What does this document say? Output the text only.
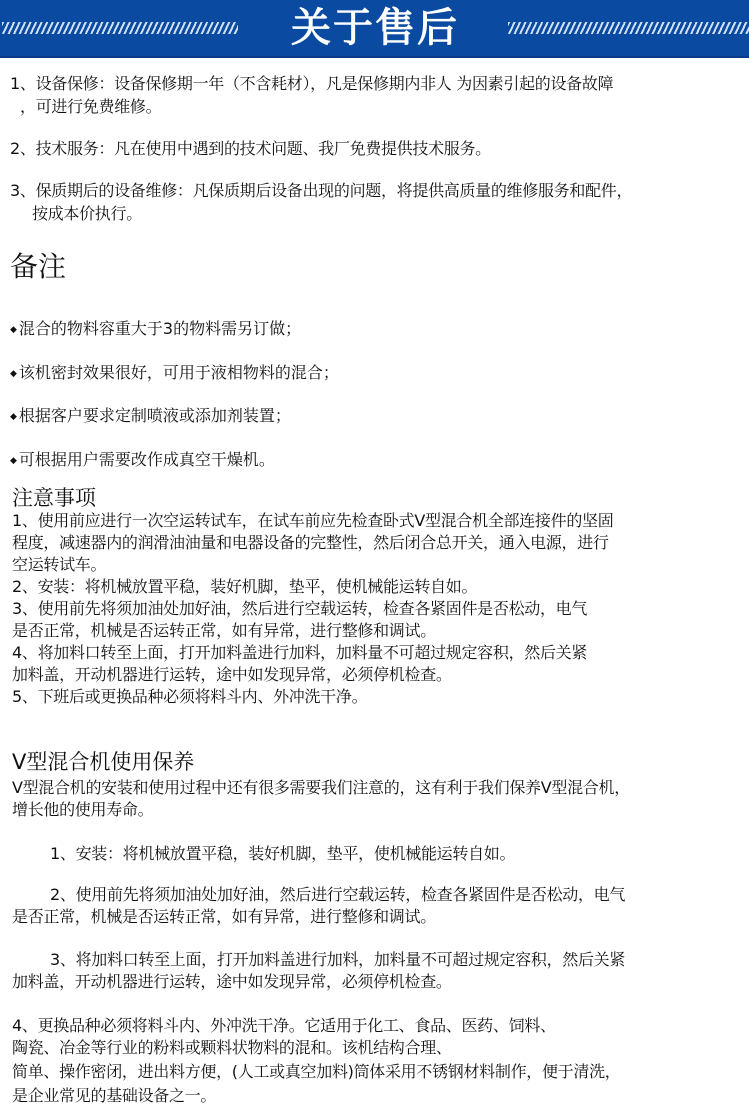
关于售后
1、设备保修：设备保修期一年（不含耗材），凡是保修期内非人 为因素引起的设备故障
，可进行免费维修。
2、技术服务：凡在使用中遇到的技术问题、我厂免费提供技术服务。
3、保质期后的设备维修：凡保质期后设备出现的问题，将提供高质量的维修服务和配件，
按成本价执行。
备注
◆ 混合的物料容重大于3的物料需另订做；
◆ 该机密封效果很好，可用于液相物料的混合；
◆ 根据客户要求定制喷液或添加剂装置；
◆ 可根据用户需要改作成真空干燥机。
注意事项
1、使用前应进行一次空运转试车，在试车前应先检查卧式V型混合机全部连接件的坚固
程度，减速器内的润滑油油量和电器设备的完整性，然后闭合总开关，通入电源，进行
空运转试车。
2、安装：将机械放置平稳，装好机脚，垫平，使机械能运转自如。
3、使用前先将须加油处加好油，然后进行空载运转，检查各紧固件是否松动，电气
是否正常，机械是否运转正常，如有异常，进行整修和调试。
4、将加料口转至上面，打开加料盖进行加料，加料量不可超过规定容积，然后关紧
加料盖，开动机器进行运转，途中如发现异常，必须停机检查。
5、下班后或更换品种必须将料斗内、外冲洗干净。
V型混合机使用保养
V型混合机的安装和使用过程中还有很多需要我们注意的，这有利于我们保养V型混合机，
增长他的使用寿命。
1、安装：将机械放置平稳，装好机脚，垫平，使机械能运转自如。
2、使用前先将须加油处加好油，然后进行空载运转，检查各紧固件是否松动，电气
是否正常，机械是否运转正常，如有异常，进行整修和调试。
3、将加料口转至上面，打开加料盖进行加料，加料量不可超过规定容积，然后关紧
加料盖，开动机器进行运转，途中如发现异常，必须停机检查。
4、更换品种必须将料斗内、外冲洗干净。它适用于化工、食品、医药、饲料、
陶瓷、冶金等行业的粉料或颗料状物料的混和。该机结构合理、
简单、操作密闭，进出料方便，(人工或真空加料)筒体采用不锈钢材料制作，便于清洗，
是企业常见的基础设备之一。
